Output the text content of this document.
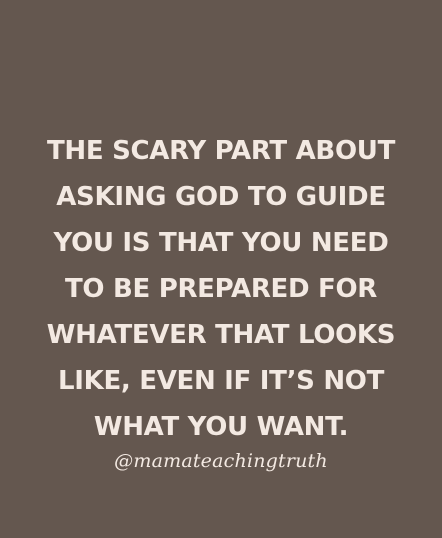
THE SCARY PART ABOUT
ASKING GOD TO GUIDE
YOU IS THAT YOU NEED
TO BE PREPARED FOR
WHATEVER THAT LOOKS
LIKE, EVEN IF IT’S NOT
WHAT YOU WANT.
@mamateachingtruth
